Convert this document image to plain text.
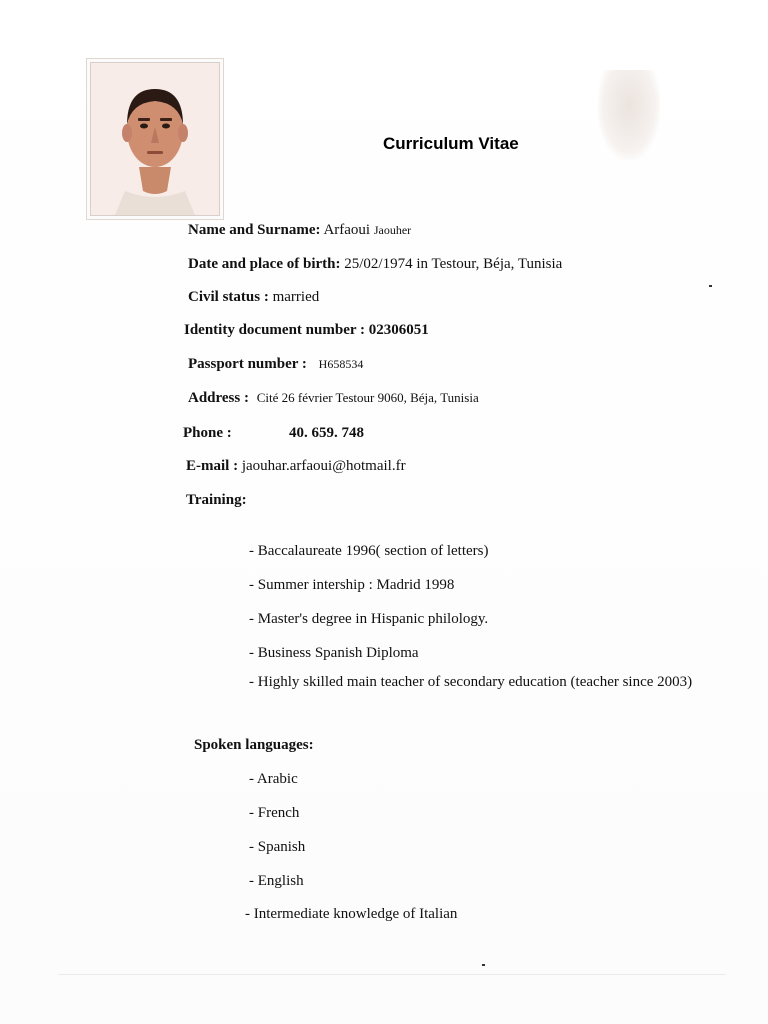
Curriculum Vitae
Name and Surname: Arfaoui Jaouher
Date and place of birth: 25/02/1974 in Testour, Béja, Tunisia
Civil status : married
Identity document number : 02306051
Passport number : H658534
Address : Cité 26 février Testour 9060, Béja, Tunisia
Phone :	40. 659. 748
E-mail : jaouhar.arfaoui@hotmail.fr
Training:
- Baccalaureate 1996( section of letters)
- Summer intership : Madrid 1998
- Master's degree in Hispanic philology.
- Business Spanish Diploma
- Highly skilled main teacher of secondary education (teacher since 2003)
Spoken languages:
- Arabic
- French
- Spanish
- English
- Intermediate knowledge of Italian
